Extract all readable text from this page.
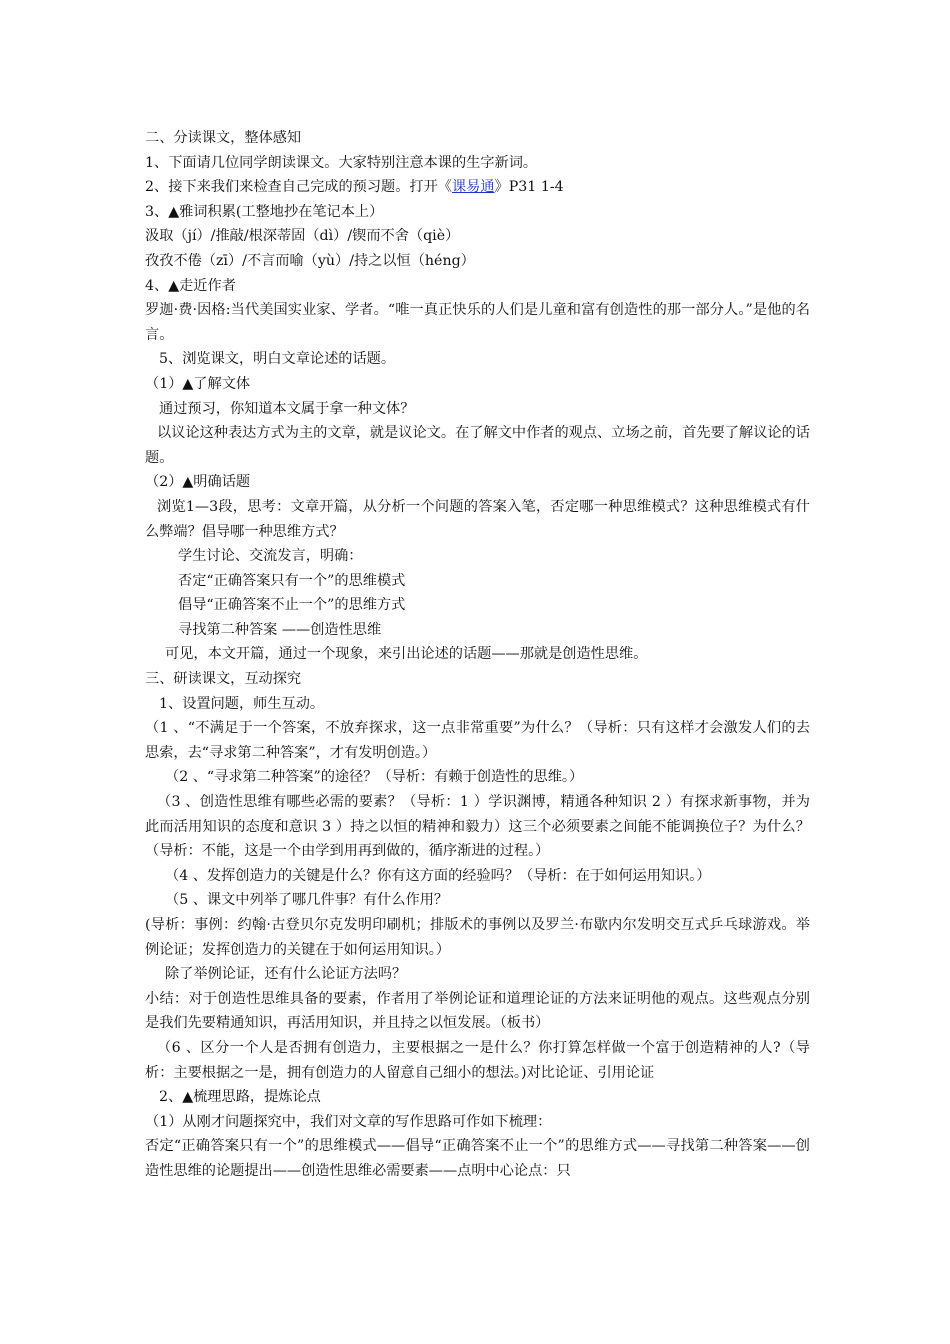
二、分读课文，整体感知

1、下面请几位同学朗读课文。大家特别注意本课的生字新词。

2、接下来我们来检查自己完成的预习题。打开《课易通》P31 1-4

3、▲雅词积累(工整地抄在笔记本上）

汲取（jí）/推敲/根深蒂固（dì）/锲而不舍（qiè）

孜孜不倦（zī）/不言而喻（yù）/持之以恒（héng）

4、▲走近作者

罗迦·费·因格:当代美国实业家、学者。“唯一真正快乐的人们是儿童和富有创造性的那一部分人。”是他的名言。

5、浏览课文，明白文章论述的话题。

（1）▲了解文体

通过预习，你知道本文属于拿一种文体？

以议论这种表达方式为主的文章，就是议论文。在了解文中作者的观点、立场之前，首先要了解议论的话题。

（2）▲明确话题

浏览1—3段，思考：文章开篇，从分析一个问题的答案入笔，否定哪一种思维模式？这种思维模式有什么弊端？倡导哪一种思维方式？

学生讨论、交流发言，明确：

否定“正确答案只有一个”的思维模式

倡导“正确答案不止一个”的思维方式

寻找第二种答案 ——创造性思维

可见，本文开篇，通过一个现象，来引出论述的话题——那就是创造性思维。

三、研读课文，互动探究

1、设置问题，师生互动。

（1 、“不满足于一个答案，不放弃探求，这一点非常重要”为什么？（导析：只有这样才会激发人们的去思索，去“寻求第二种答案”，才有发明创造。）

（2 、“寻求第二种答案”的途径？（导析：有赖于创造性的思维。）

（3 、创造性思维有哪些必需的要素？（导析：1 ）学识渊博，精通各种知识 2 ）有探求新事物，并为此而活用知识的态度和意识 3 ）持之以恒的精神和毅力）这三个必须要素之间能不能调换位子？为什么？（导析：不能，这是一个由学到用再到做的，循序渐进的过程。）

（4 、发挥创造力的关键是什么？你有这方面的经验吗？（导析：在于如何运用知识。）

（5 、课文中列举了哪几件事？有什么作用？

(导析：事例：约翰·古登贝尔克发明印刷机；排版术的事例以及罗兰·布歇内尔发明交互式乒乓球游戏。举例论证；发挥创造力的关键在于如何运用知识。）

除了举例论证，还有什么论证方法吗？

小结：对于创造性思维具备的要素，作者用了举例论证和道理论证的方法来证明他的观点。这些观点分别是我们先要精通知识，再活用知识，并且持之以恒发展。（板书）

（6 、区分一个人是否拥有创造力，主要根据之一是什么？你打算怎样做一个富于创造精神的人?（导析：主要根据之一是，拥有创造力的人留意自己细小的想法。)对比论证、引用论证

2、▲梳理思路，提炼论点

（1）从刚才问题探究中，我们对文章的写作思路可作如下梳理：

否定“正确答案只有一个”的思维模式——倡导“正确答案不止一个”的思维方式——寻找第二种答案——创造性思维的论题提出——创造性思维必需要素——点明中心论点：只
